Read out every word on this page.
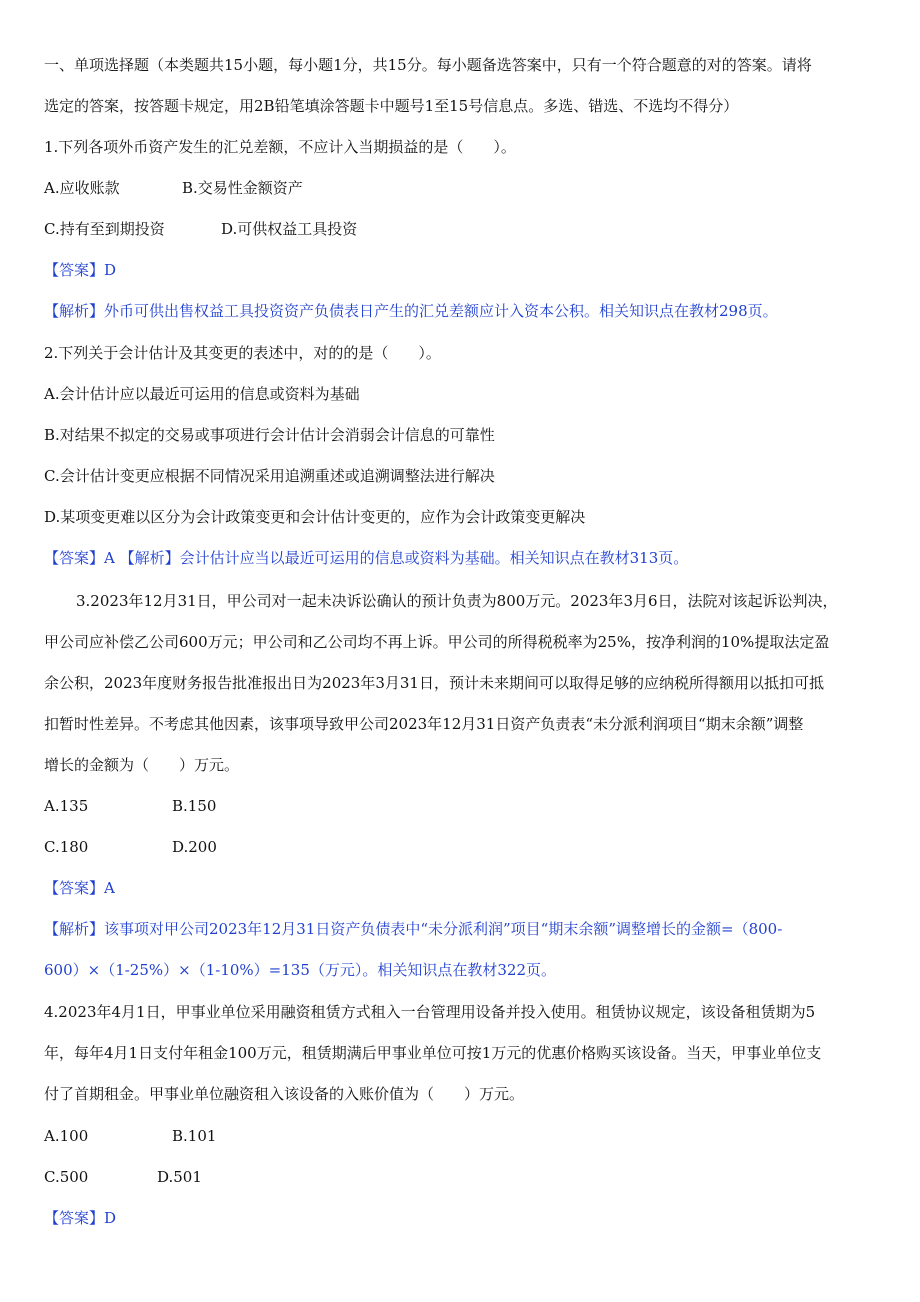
一、单项选择题（本类题共15小题，每小题1分，共15分。每小题备选答案中，只有一个符合题意的对的答案。请将
选定的答案，按答题卡规定，用2B铅笔填涂答题卡中题号1至15号信息点。多选、错选、不选均不得分）
1.下列各项外币资产发生的汇兑差额，不应计入当期损益的是（　　）。
A.应收账款	B.交易性金额资产
C.持有至到期投资	D.可供权益工具投资
【答案】D
【解析】外币可供出售权益工具投资资产负债表日产生的汇兑差额应计入资本公积。相关知识点在教材298页。
2.下列关于会计估计及其变更的表述中，对的的是（　　）。
A.会计估计应以最近可运用的信息或资料为基础
B.对结果不拟定的交易或事项进行会计估计会消弱会计信息的可靠性
C.会计估计变更应根据不同情况采用追溯重述或追溯调整法进行解决
D.某项变更难以区分为会计政策变更和会计估计变更的，应作为会计政策变更解决
【答案】A 【解析】会计估计应当以最近可运用的信息或资料为基础。相关知识点在教材313页。
3.2023年12月31日，甲公司对一起未决诉讼确认的预计负责为800万元。2023年3月6日，法院对该起诉讼判决，
甲公司应补偿乙公司600万元；甲公司和乙公司均不再上诉。甲公司的所得税税率为25%，按净利润的10%提取法定盈
余公积，2023年度财务报告批准报出日为2023年3月31日，预计未来期间可以取得足够的应纳税所得额用以抵扣可抵
扣暂时性差异。不考虑其他因素，该事项导致甲公司2023年12月31日资产负责表“未分派利润项目“期末余额”调整
增长的金额为（　　）万元。
A.135	B.150
C.180	D.200
【答案】A
【解析】该事项对甲公司2023年12月31日资产负债表中“未分派利润”项目“期末余额”调整增长的金额=（800-
600）×（1-25%）×（1-10%）=135（万元）。相关知识点在教材322页。
4.2023年4月1日，甲事业单位采用融资租赁方式租入一台管理用设备并投入使用。租赁协议规定，该设备租赁期为5
年，每年4月1日支付年租金100万元，租赁期满后甲事业单位可按1万元的优惠价格购买该设备。当天，甲事业单位支
付了首期租金。甲事业单位融资租入该设备的入账价值为（　　）万元。
A.100	B.101
C.500	D.501
【答案】D
